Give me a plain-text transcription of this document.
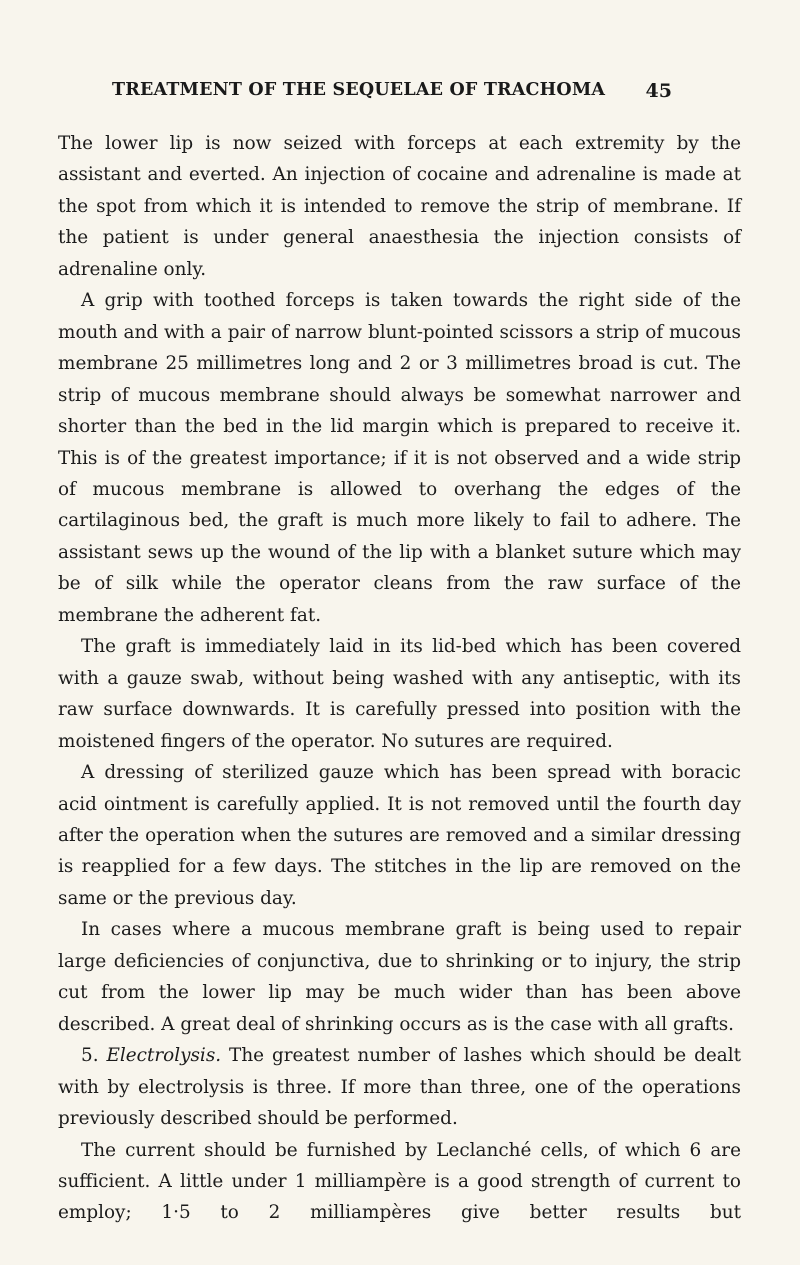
TREATMENT OF THE SEQUELAE OF TRACHOMA 45

The lower lip is now seized with forceps at each extremity by the assistant and everted. An injection of cocaine and adrenaline is made at the spot from which it is intended to remove the strip of membrane. If the patient is under general anaesthesia the injection consists of adrenaline only.

A grip with toothed forceps is taken towards the right side of the mouth and with a pair of narrow blunt-pointed scissors a strip of mucous membrane 25 millimetres long and 2 or 3 millimetres broad is cut. The strip of mucous membrane should always be somewhat narrower and shorter than the bed in the lid margin which is prepared to receive it. This is of the greatest importance; if it is not observed and a wide strip of mucous membrane is allowed to overhang the edges of the cartilaginous bed, the graft is much more likely to fail to adhere. The assistant sews up the wound of the lip with a blanket suture which may be of silk while the operator cleans from the raw surface of the membrane the adherent fat.

The graft is immediately laid in its lid-bed which has been covered with a gauze swab, without being washed with any antiseptic, with its raw surface downwards. It is carefully pressed into position with the moistened fingers of the operator. No sutures are required.

A dressing of sterilized gauze which has been spread with boracic acid ointment is carefully applied. It is not removed until the fourth day after the operation when the sutures are removed and a similar dressing is reapplied for a few days. The stitches in the lip are removed on the same or the previous day.

In cases where a mucous membrane graft is being used to repair large deficiencies of conjunctiva, due to shrinking or to injury, the strip cut from the lower lip may be much wider than has been above described. A great deal of shrinking occurs as is the case with all grafts.

5. Electrolysis. The greatest number of lashes which should be dealt with by electrolysis is three. If more than three, one of the operations previously described should be performed.

The current should be furnished by Leclanché cells, of which 6 are sufficient. A little under 1 milliampère is a good strength of current to employ; 1·5 to 2 milliampères give better results but
